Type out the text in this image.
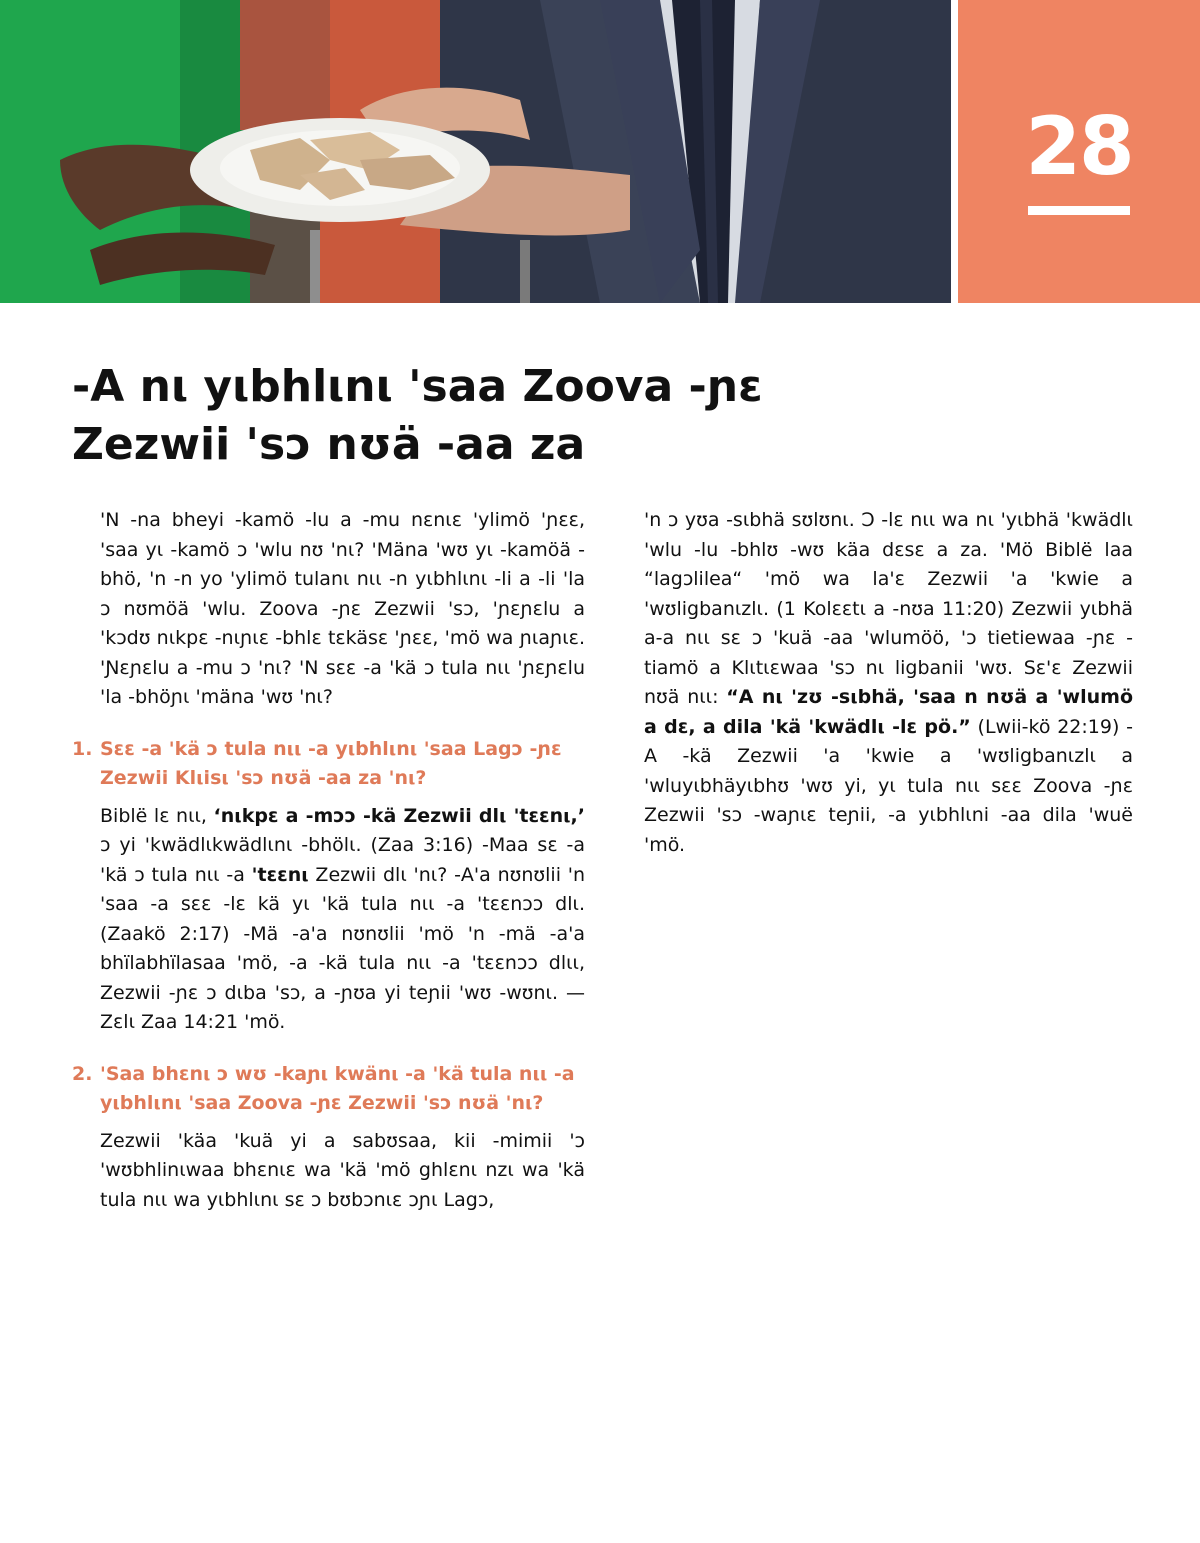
28
-A nι yιbhlιnι 'saa Zoova -ɲɛ Zezwii 'sɔ nʊä -aa za

'N -na bheyi -kamö -lu a -mu nɛnιɛ 'ylimö 'ɲɛɛ, 'saa yι -kamö ɔ 'wlu nʊ 'nι? 'Mäna 'wʊ yι -kamöä -bhö, 'n -n yo 'ylimö tulanι nιι -n yιbhlιnι -li a -li 'la ɔ nʊmöä 'wlu. Zoova -ɲɛ Zezwii 'sɔ, 'ɲɛɲɛlu a 'kɔdʊ nιkpɛ -nιɲιɛ -bhlɛ tɛkäsɛ 'ɲɛɛ, 'mö wa ɲιaɲιɛ. 'Ɲɛɲɛlu a -mu ɔ 'nι? 'N sɛɛ -a 'kä ɔ tula nιι 'ɲɛɲɛlu 'la -bhöɲι 'mäna 'wʊ 'nι?

1. Sɛɛ -a 'kä ɔ tula nιι -a yιbhlιnι 'saa Lagɔ -ɲɛ Zezwii Klιisι 'sɔ nʊä -aa za 'nι?

Biblë lɛ nιι, ‘nιkpɛ a -mɔɔ -kä Zezwii dlι 'tɛɛnι,’ ɔ yi 'kwädlιkwädlιnι -bhölι. (Zaa 3:16) -Maa sɛ -a 'kä ɔ tula nιι -a 'tɛɛnι Zezwii dlι 'nι? -A'a nʊnʊlii 'n 'saa -a sɛɛ -lɛ kä yι 'kä tula nιι -a 'tɛɛnɔɔ dlι. (Zaakö 2:17) -Mä -a'a nʊnʊlii 'mö 'n -mä -a'a bhïlabhïlasaa 'mö, -a -kä tula nιι -a 'tɛɛnɔɔ dlιι, Zezwii -ɲɛ ɔ dιba 'sɔ, a -ɲʊa yi teɲii 'wʊ -wʊnι. —Zɛlι Zaa 14:21 'mö.

2. 'Saa bhɛnι ɔ wʊ -kaɲι kwänι -a 'kä tula nιι -a yιbhlιnι 'saa Zoova -ɲɛ Zezwii 'sɔ nʊä 'nι?

Zezwii 'käa 'kuä yi a sabʊsaa, kii -mimii 'ɔ 'wʊbhlinιwaa bhɛnιɛ wa 'kä 'mö ghlɛnι nzι wa 'kä tula nιι wa yιbhlιnι sɛ ɔ bʊbɔnιɛ ɔɲι Lagɔ,

'n ɔ yʊa -sιbhä sʊlʊnι. Ɔ -lɛ nιι wa nι 'yιbhä 'kwädlι 'wlu -lu -bhlʊ -wʊ käa dɛsɛ a za. 'Mö Biblë laa “lagɔlilea“ 'mö wa la'ɛ Zezwii 'a 'kwie a 'wʊligbanιzlι. (1 Kolɛɛtι a -nʊa 11:20) Zezwii yιbhä a-a nιι sɛ ɔ 'kuä -aa 'wlumöö, 'ɔ tietiewaa -ɲɛ -tiamö a Klιtιɛwaa 'sɔ nι ligbanii 'wʊ. Sɛ'ɛ Zezwii nʊä nιι: “A nι 'zʊ -sιbhä, 'saa n nʊä a 'wlumö a dɛ, a dila 'kä 'kwädlι -lɛ pö.” (Lwii-kö 22:19) -A -kä Zezwii 'a 'kwie a 'wʊligbanιzlι a 'wluyιbhäyιbhʊ 'wʊ yi, yι tula nιι sɛɛ Zoova -ɲɛ Zezwii 'sɔ -waɲιɛ teɲii, -a yιbhlιni -aa dila 'wuë 'mö.
